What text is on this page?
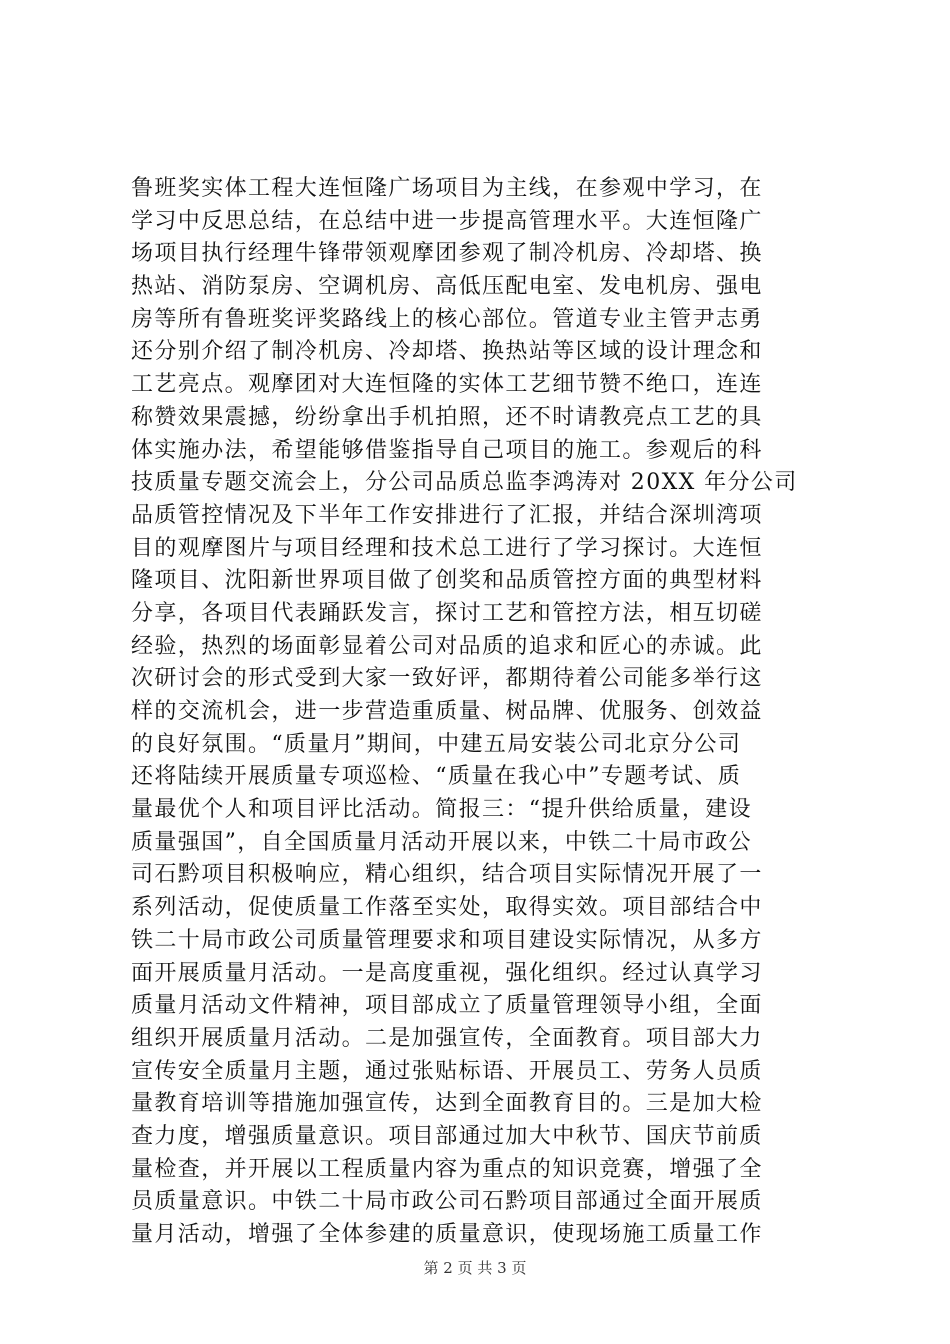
鲁班奖实体工程大连恒隆广场项目为主线，在参观中学习，在
学习中反思总结，在总结中进一步提高管理水平。大连恒隆广
场项目执行经理牛锋带领观摩团参观了制冷机房、冷却塔、换
热站、消防泵房、空调机房、高低压配电室、发电机房、强电
房等所有鲁班奖评奖路线上的核心部位。管道专业主管尹志勇
还分别介绍了制冷机房、冷却塔、换热站等区域的设计理念和
工艺亮点。观摩团对大连恒隆的实体工艺细节赞不绝口，连连
称赞效果震撼，纷纷拿出手机拍照，还不时请教亮点工艺的具
体实施办法，希望能够借鉴指导自己项目的施工。参观后的科
技质量专题交流会上，分公司品质总监李鸿涛对 20XX 年分公司
品质管控情况及下半年工作安排进行了汇报，并结合深圳湾项
目的观摩图片与项目经理和技术总工进行了学习探讨。大连恒
隆项目、沈阳新世界项目做了创奖和品质管控方面的典型材料
分享，各项目代表踊跃发言，探讨工艺和管控方法，相互切磋
经验，热烈的场面彰显着公司对品质的追求和匠心的赤诚。此
次研讨会的形式受到大家一致好评，都期待着公司能多举行这
样的交流机会，进一步营造重质量、树品牌、优服务、创效益
的良好氛围。“质量月”期间，中建五局安装公司北京分公司
还将陆续开展质量专项巡检、“质量在我心中”专题考试、质
量最优个人和项目评比活动。简报三：“提升供给质量，建设
质量强国”，自全国质量月活动开展以来，中铁二十局市政公
司石黔项目积极响应，精心组织，结合项目实际情况开展了一
系列活动，促使质量工作落至实处，取得实效。项目部结合中
铁二十局市政公司质量管理要求和项目建设实际情况，从多方
面开展质量月活动。一是高度重视，强化组织。经过认真学习
质量月活动文件精神，项目部成立了质量管理领导小组，全面
组织开展质量月活动。二是加强宣传，全面教育。项目部大力
宣传安全质量月主题，通过张贴标语、开展员工、劳务人员质
量教育培训等措施加强宣传，达到全面教育目的。三是加大检
查力度，增强质量意识。项目部通过加大中秋节、国庆节前质
量检查，并开展以工程质量内容为重点的知识竞赛，增强了全
员质量意识。中铁二十局市政公司石黔项目部通过全面开展质
量月活动，增强了全体参建的质量意识，使现场施工质量工作
第 2 页 共 3 页
